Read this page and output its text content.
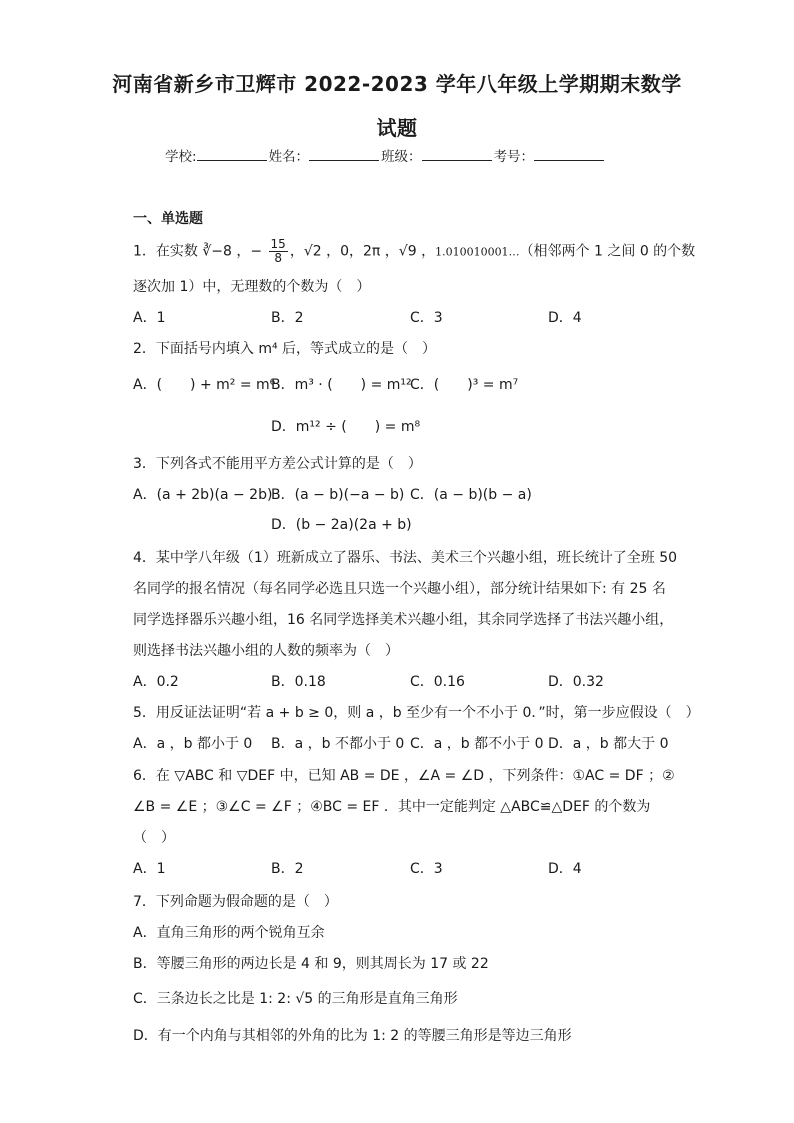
河南省新乡市卫辉市 2022-2023 学年八年级上学期期末数学
试题
学校:	姓名：	班级：	考号：
一、单选题
1．在实数 ∛−8 ，− $\frac{15}{8}$ ，√2 ，0，2π ，√9 ，1.010010001…（相邻两个 1 之间 0 的个数
逐次加 1）中，无理数的个数为（　）
A．1	B．2	C．3	D．4
2．下面括号内填入 m⁴ 后，等式成立的是（　）
A．(　　) + m² = m⁶
B．m³ · (　　) = m¹²
C．(　　)³ = m⁷
D．m¹² ÷ (　　) = m⁸
3．下列各式不能用平方差公式计算的是（　）
A．(a + 2b)(a − 2b)
B．(a − b)(−a − b) C．(a − b)(b − a)
D．(b − 2a)(2a + b)
4．某中学八年级（1）班新成立了器乐、书法、美术三个兴趣小组，班长统计了全班 50
名同学的报名情况（每名同学必选且只选一个兴趣小组），部分统计结果如下: 有 25 名
同学选择器乐兴趣小组，16 名同学选择美术兴趣小组，其余同学选择了书法兴趣小组，
则选择书法兴趣小组的人数的频率为（　）
A．0.2	B．0.18	C．0.16	D．0.32
5．用反证法证明“若 a + b ≥ 0，则 a ，b 至少有一个不小于 0．”时，第一步应假设（　）
A．a ，b 都小于 0 B．a ，b 不都小于 0 C．a ，b 都不小于 0 D．a ，b 都大于 0
6．在 ▽ABC 和 ▽DEF 中，已知 AB = DE ，∠A = ∠D ，下列条件：①AC = DF ；②
∠B = ∠E ；③∠C = ∠F ；④BC = EF ．其中一定能判定 △ABC≌△DEF 的个数为
（　）
A．1	B．2	C．3	D．4
7．下列命题为假命题的是（　）
A．直角三角形的两个锐角互余
B．等腰三角形的两边长是 4 和 9，则其周长为 17 或 22
C．三条边长之比是 1: 2: √5 的三角形是直角三角形
D．有一个内角与其相邻的外角的比为 1: 2 的等腰三角形是等边三角形
